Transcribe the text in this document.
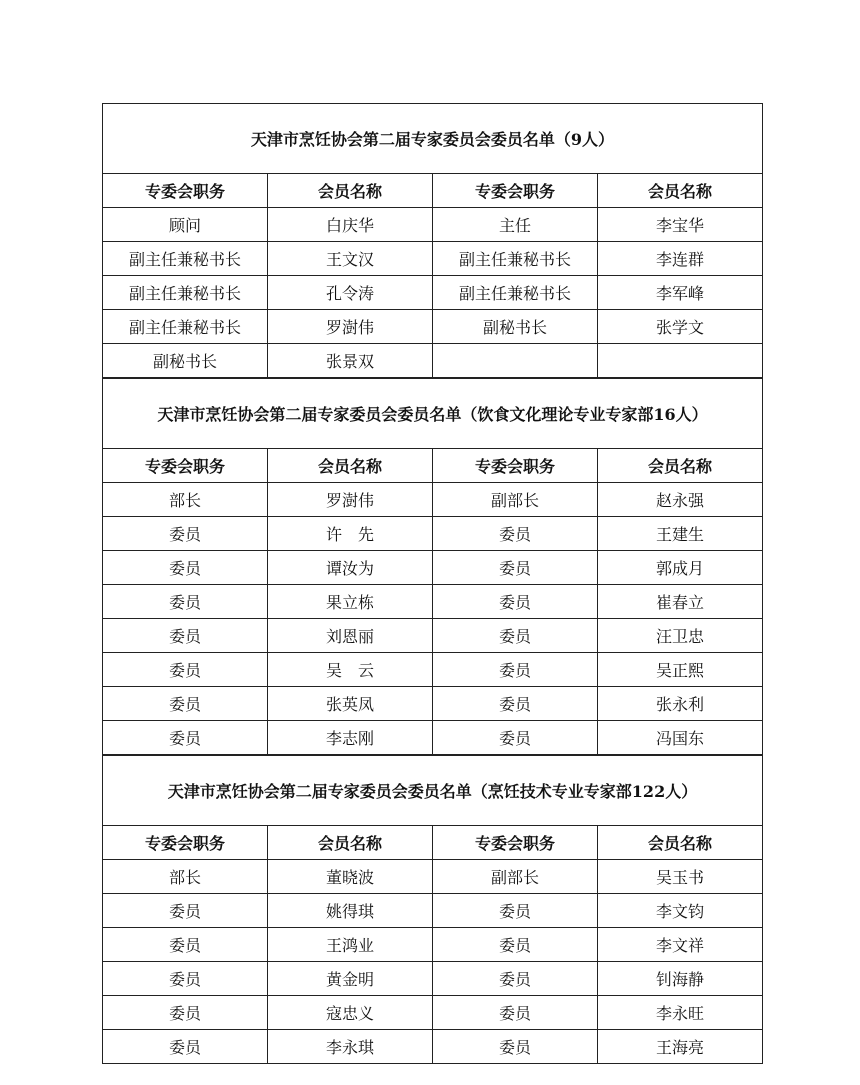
天津市烹饪协会第二届专家委员会委员名单（9人）
专委会职务	会员名称	专委会职务	会员名称
顾问	白庆华	主任	李宝华
副主任兼秘书长	王文汉	副主任兼秘书长	李连群
副主任兼秘书长	孔令涛	副主任兼秘书长	李军峰
副主任兼秘书长	罗澍伟	副秘书长	张学文
副秘书长	张景双		
天津市烹饪协会第二届专家委员会委员名单（饮食文化理论专业专家部16人）
专委会职务	会员名称	专委会职务	会员名称
部长	罗澍伟	副部长	赵永强
委员	许　先	委员	王建生
委员	谭汝为	委员	郭成月
委员	果立栋	委员	崔春立
委员	刘恩丽	委员	汪卫忠
委员	吴　云	委员	吴正熙
委员	张英凤	委员	张永利
委员	李志刚	委员	冯国东
天津市烹饪协会第二届专家委员会委员名单（烹饪技术专业专家部122人）
专委会职务	会员名称	专委会职务	会员名称
部长	董晓波	副部长	吴玉书
委员	姚得琪	委员	李文钧
委员	王鸿业	委员	李文祥
委员	黄金明	委员	钊海静
委员	寇忠义	委员	李永旺
委员	李永琪	委员	王海亮
